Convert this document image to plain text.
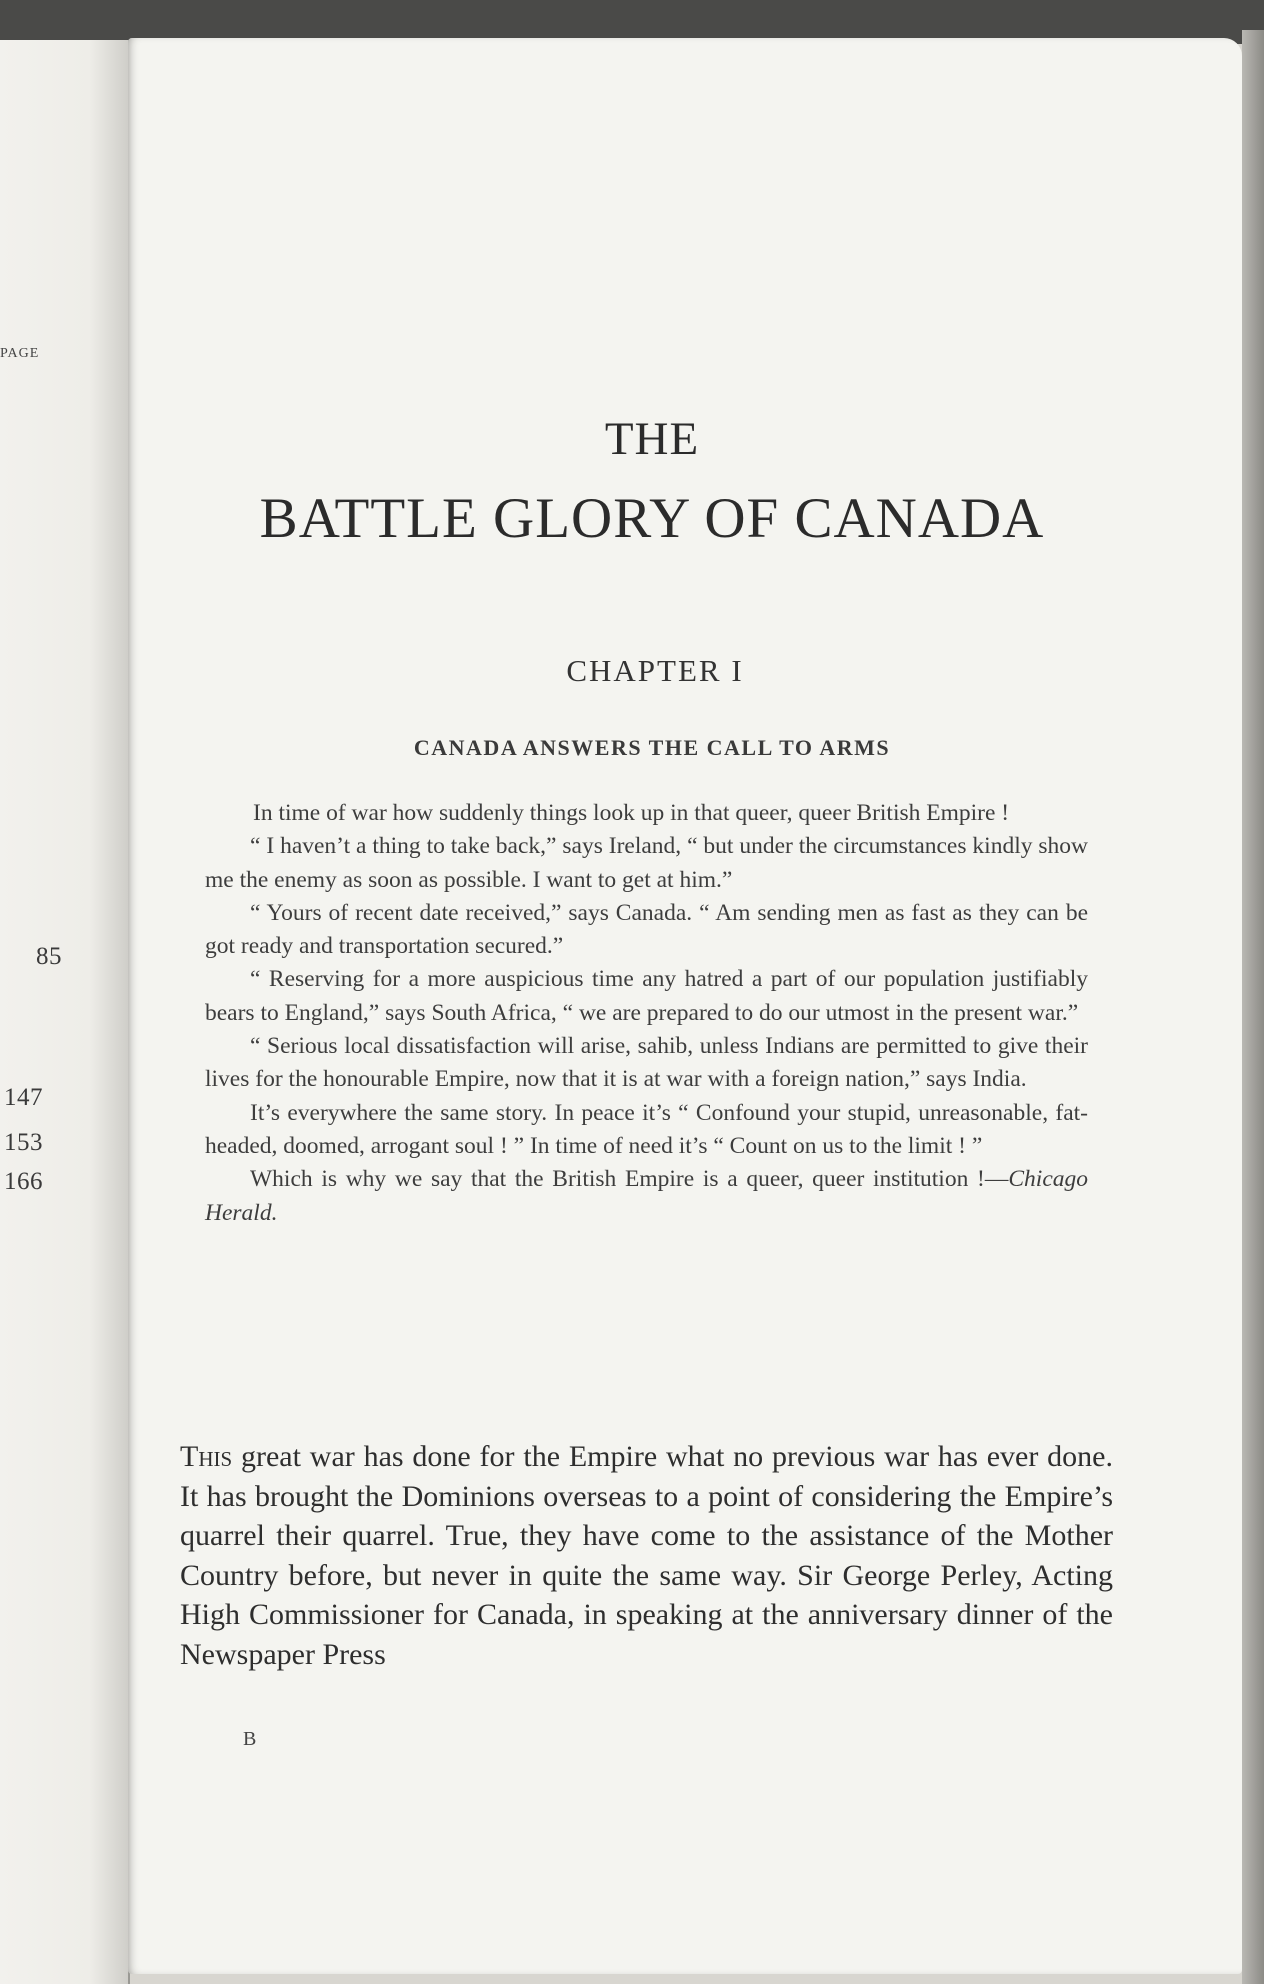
PAGE
85
147
153
166
THE
BATTLE GLORY OF CANADA
CHAPTER I
CANADA ANSWERS THE CALL TO ARMS

In time of war how suddenly things look up in that queer, queer British Empire !

“ I haven’t a thing to take back,” says Ireland, “ but under the circumstances kindly show me the enemy as soon as possible. I want to get at him.”

“ Yours of recent date received,” says Canada. “ Am sending men as fast as they can be got ready and transportation secured.”

“ Reserving for a more auspicious time any hatred a part of our population justifiably bears to England,” says South Africa, “ we are prepared to do our utmost in the present war.”

“ Serious local dissatisfaction will arise, sahib, unless Indians are permitted to give their lives for the honourable Empire, now that it is at war with a foreign nation,” says India.

It’s everywhere the same story. In peace it’s “ Confound your stupid, unreasonable, fat-headed, doomed, arrogant soul ! ” In time of need it’s “ Count on us to the limit ! ”

Which is why we say that the British Empire is a queer, queer institution !—Chicago Herald.

This great war has done for the Empire what no previous war has ever done. It has brought the Dominions overseas to a point of considering the Empire’s quarrel their quarrel. True, they have come to the assistance of the Mother Country before, but never in quite the same way. Sir George Perley, Acting High Commissioner for Canada, in speaking at the anniversary dinner of the Newspaper Press

B
